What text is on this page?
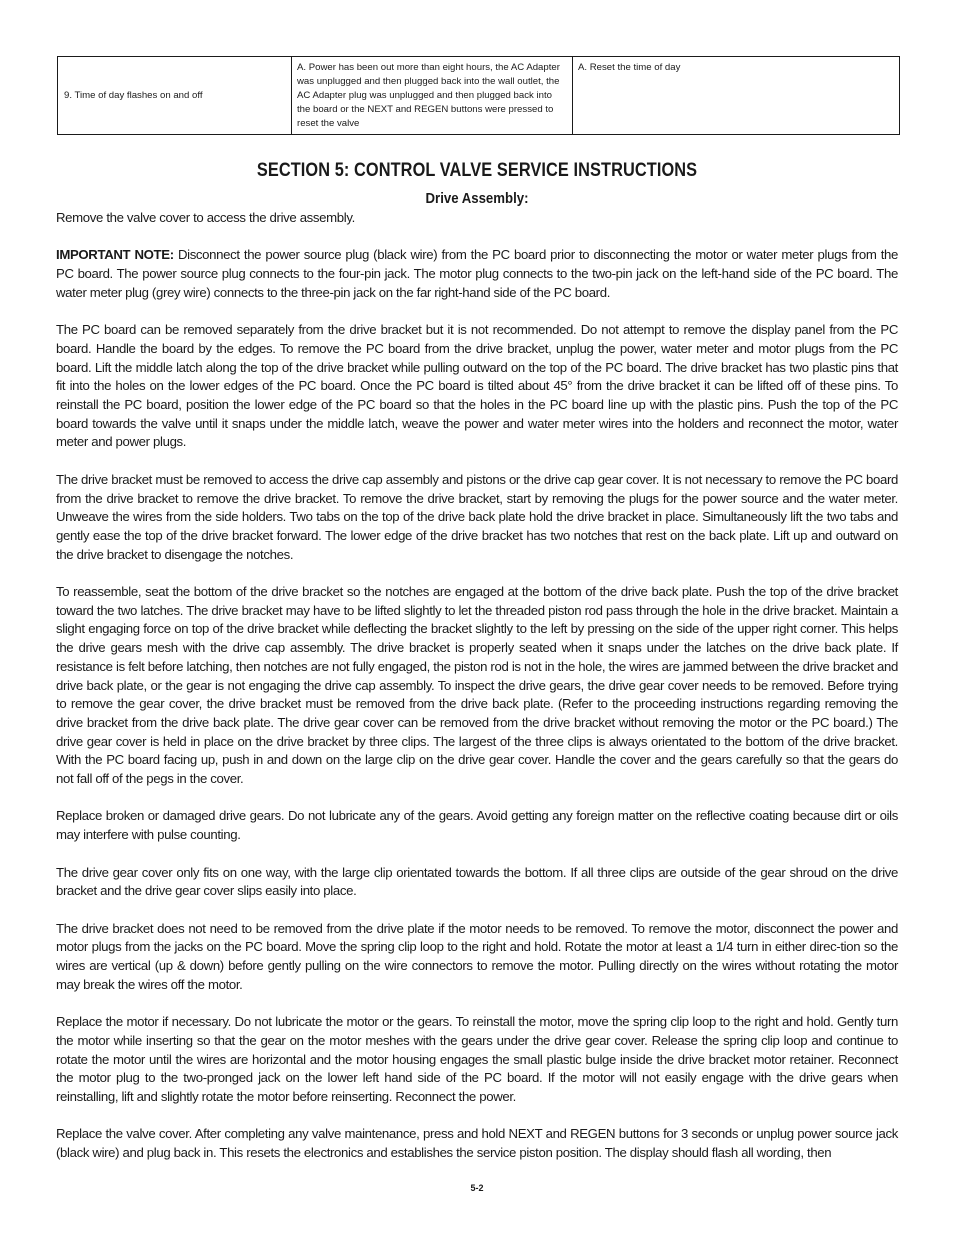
9. Time of day flashes on and off	A. Power has been out more than eight hours, the AC Adapter was unplugged and then plugged back into the wall outlet, the AC Adapter plug was unplugged and then plugged back into the board or the NEXT and REGEN buttons were pressed to reset the valve	A. Reset the time of day
SECTION 5: CONTROL VALVE SERVICE INSTRUCTIONS
Drive Assembly:

Remove the valve cover to access the drive assembly.

IMPORTANT NOTE: Disconnect the power source plug (black wire) from the PC board prior to disconnecting the motor or water meter plugs from the PC board. The power source plug connects to the four-pin jack. The motor plug connects to the two-pin jack on the left-hand side of the PC board. The water meter plug (grey wire) connects to the three-pin jack on the far right-hand side of the PC board.

The PC board can be removed separately from the drive bracket but it is not recommended. Do not attempt to remove the display panel from the PC board. Handle the board by the edges. To remove the PC board from the drive bracket, unplug the power, water meter and motor plugs from the PC board. Lift the middle latch along the top of the drive bracket while pulling outward on the top of the PC board. The drive bracket has two plastic pins that fit into the holes on the lower edges of the PC board. Once the PC board is tilted about 45° from the drive bracket it can be lifted off of these pins. To reinstall the PC board, position the lower edge of the PC board so that the holes in the PC board line up with the plastic pins. Push the top of the PC board towards the valve until it snaps under the middle latch, weave the power and water meter wires into the holders and reconnect the motor, water meter and power plugs.

The drive bracket must be removed to access the drive cap assembly and pistons or the drive cap gear cover. It is not necessary to remove the PC board from the drive bracket to remove the drive bracket. To remove the drive bracket, start by removing the plugs for the power source and the water meter. Unweave the wires from the side holders. Two tabs on the top of the drive back plate hold the drive bracket in place. Simultaneously lift the two tabs and gently ease the top of the drive bracket forward. The lower edge of the drive bracket has two notches that rest on the back plate. Lift up and outward on the drive bracket to disengage the notches.

To reassemble, seat the bottom of the drive bracket so the notches are engaged at the bottom of the drive back plate. Push the top of the drive bracket toward the two latches. The drive bracket may have to be lifted slightly to let the threaded piston rod pass through the hole in the drive bracket. Maintain a slight engaging force on top of the drive bracket while deflecting the bracket slightly to the left by pressing on the side of the upper right corner. This helps the drive gears mesh with the drive cap assembly. The drive bracket is properly seated when it snaps under the latches on the drive back plate. If resistance is felt before latching, then notches are not fully engaged, the piston rod is not in the hole, the wires are jammed between the drive bracket and drive back plate, or the gear is not engaging the drive cap assembly. To inspect the drive gears, the drive gear cover needs to be removed. Before trying to remove the gear cover, the drive bracket must be removed from the drive back plate. (Refer to the proceeding instructions regarding removing the drive bracket from the drive back plate. The drive gear cover can be removed from the drive bracket without removing the motor or the PC board.) The drive gear cover is held in place on the drive bracket by three clips. The largest of the three clips is always orientated to the bottom of the drive bracket. With the PC board facing up, push in and down on the large clip on the drive gear cover. Handle the cover and the gears carefully so that the gears do not fall off of the pegs in the cover.

Replace broken or damaged drive gears. Do not lubricate any of the gears. Avoid getting any foreign matter on the reflective coating because dirt or oils may interfere with pulse counting.

The drive gear cover only fits on one way, with the large clip orientated towards the bottom. If all three clips are outside of the gear shroud on the drive bracket and the drive gear cover slips easily into place.

The drive bracket does not need to be removed from the drive plate if the motor needs to be removed. To remove the motor, disconnect the power and motor plugs from the jacks on the PC board. Move the spring clip loop to the right and hold. Rotate the motor at least a 1/4 turn in either direc-tion so the wires are vertical (up & down) before gently pulling on the wire connectors to remove the motor. Pulling directly on the wires without rotating the motor may break the wires off the motor.

Replace the motor if necessary. Do not lubricate the motor or the gears. To reinstall the motor, move the spring clip loop to the right and hold. Gently turn the motor while inserting so that the gear on the motor meshes with the gears under the drive gear cover. Release the spring clip loop and continue to rotate the motor until the wires are horizontal and the motor housing engages the small plastic bulge inside the drive bracket motor retainer. Reconnect the motor plug to the two-pronged jack on the lower left hand side of the PC board. If the motor will not easily engage with the drive gears when reinstalling, lift and slightly rotate the motor before reinserting. Reconnect the power.

Replace the valve cover. After completing any valve maintenance, press and hold NEXT and REGEN buttons for 3 seconds or unplug power source jack (black wire) and plug back in. This resets the electronics and establishes the service piston position. The display should flash all wording, then

5-2
